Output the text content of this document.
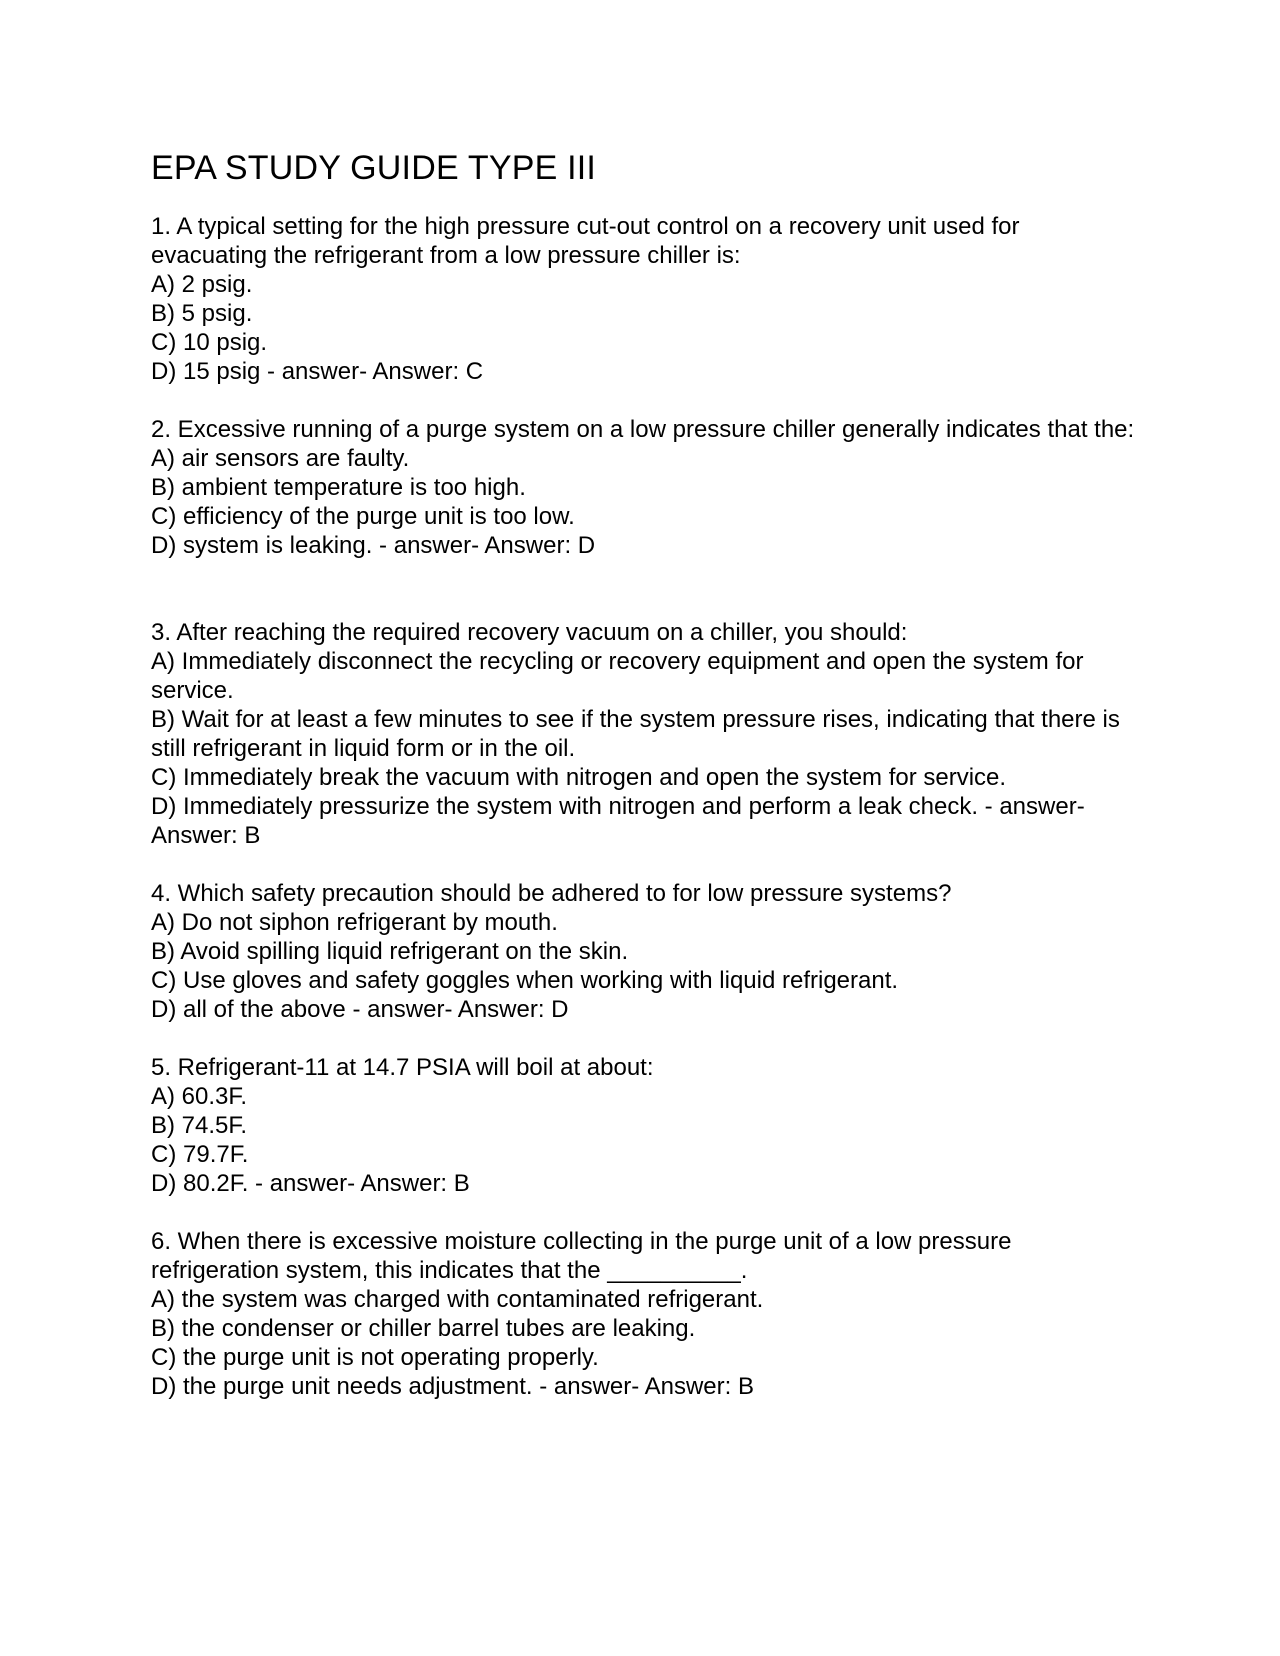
EPA STUDY GUIDE TYPE III

1. A typical setting for the high pressure cut-out control on a recovery unit used for evacuating the refrigerant from a low pressure chiller is:

A) 2 psig.

B) 5 psig.

C) 10 psig.

D) 15 psig - answer- Answer: C

2. Excessive running of a purge system on a low pressure chiller generally indicates that the:

A) air sensors are faulty.

B) ambient temperature is too high.

C) efficiency of the purge unit is too low.

D) system is leaking. - answer- Answer: D

3. After reaching the required recovery vacuum on a chiller, you should:

A) Immediately disconnect the recycling or recovery equipment and open the system for service.

B) Wait for at least a few minutes to see if the system pressure rises, indicating that there is still refrigerant in liquid form or in the oil.

C) Immediately break the vacuum with nitrogen and open the system for service.

D) Immediately pressurize the system with nitrogen and perform a leak check. - answer- Answer: B

4. Which safety precaution should be adhered to for low pressure systems?

A) Do not siphon refrigerant by mouth.

B) Avoid spilling liquid refrigerant on the skin.

C) Use gloves and safety goggles when working with liquid refrigerant.

D) all of the above - answer- Answer: D

5. Refrigerant-11 at 14.7 PSIA will boil at about:

A) 60.3F.

B) 74.5F.

C) 79.7F.

D) 80.2F. - answer- Answer: B

6. When there is excessive moisture collecting in the purge unit of a low pressure refrigeration system, this indicates that the __________.

A) the system was charged with contaminated refrigerant.

B) the condenser or chiller barrel tubes are leaking.

C) the purge unit is not operating properly.

D) the purge unit needs adjustment. - answer- Answer: B
